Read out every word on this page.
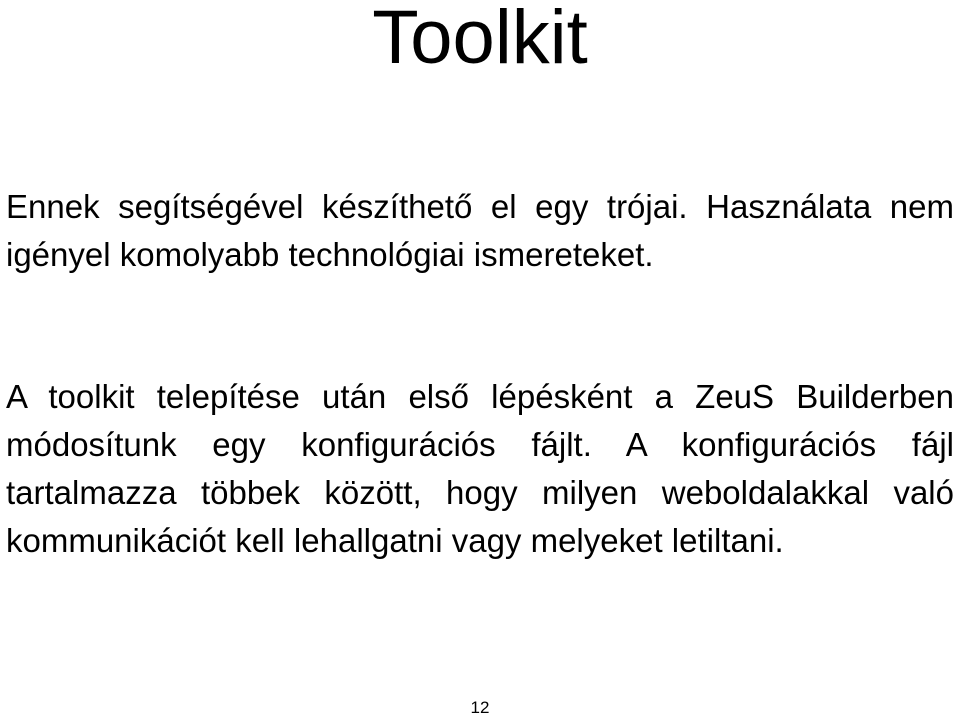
Toolkit

Ennek segítségével készíthető el egy trójai. Használata nem igényel komolyabb technológiai ismereteket.

A toolkit telepítése után első lépésként a ZeuS Builderben módosítunk egy konfigurációs fájlt. A konfigurációs fájl tartalmazza többek között, hogy milyen weboldalakkal való kommunikációt kell lehallgatni vagy melyeket letiltani.

12
